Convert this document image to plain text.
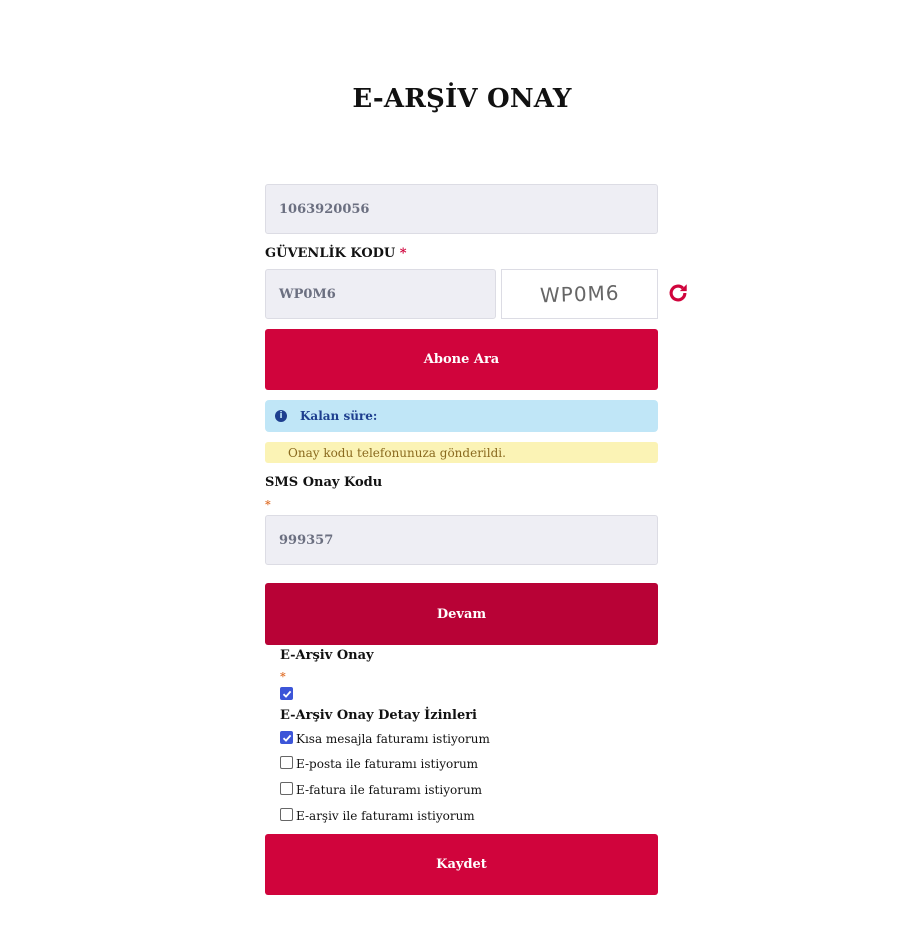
E-ARŞİV ONAY
1063920056
GÜVENLİK KODU *
WP0M6	WP0M6
Abone Ara
i	Kalan süre:
Onay kodu telefonunuza gönderildi.
SMS Onay Kodu
*
999357
Devam
E-Arşiv Onay
*
E-Arşiv Onay Detay İzinleri
Kısa mesajla faturamı istiyorum
E-posta ile faturamı istiyorum
E-fatura ile faturamı istiyorum
E-arşiv ile faturamı istiyorum
Kaydet
